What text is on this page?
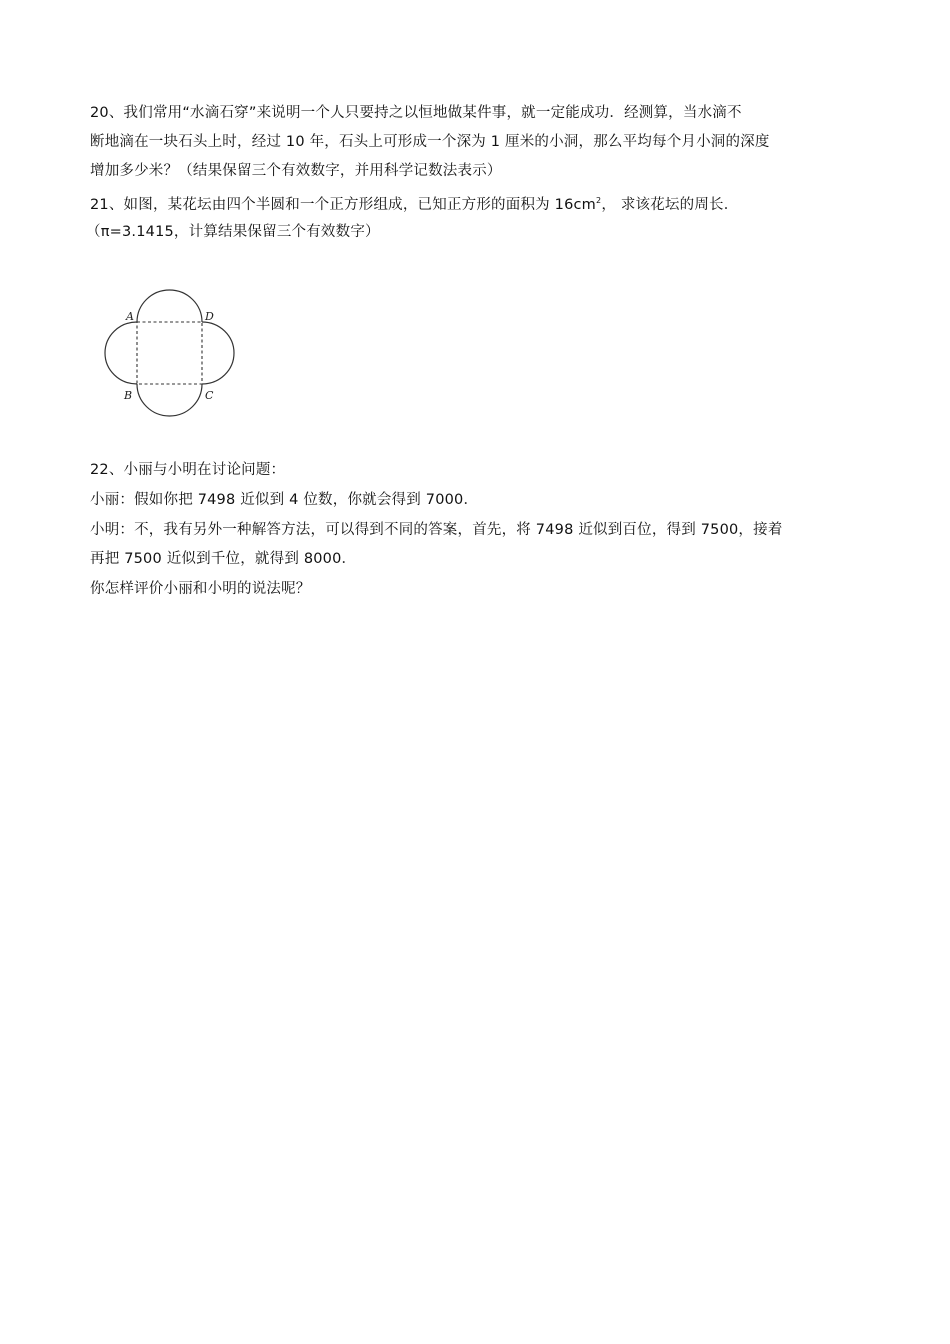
20、我们常用“水滴石穿”来说明一个人只要持之以恒地做某件事，就一定能成功．经测算，当水滴不
断地滴在一块石头上时，经过 10 年，石头上可形成一个深为 1 厘米的小洞，那么平均每个月小洞的深度
增加多少米？（结果保留三个有效数字，并用科学记数法表示）
21、如图，某花坛由四个半圆和一个正方形组成，已知正方形的面积为 $16cm^2$， 求该花坛的周长．
（π=3.1415，计算结果保留三个有效数字）
A	D
B	C
22、小丽与小明在讨论问题：
小丽：假如你把 7498 近似到 4 位数，你就会得到 7000．
小明：不，我有另外一种解答方法，可以得到不同的答案，首先，将 7498 近似到百位，得到 7500，接着
再把 7500 近似到千位，就得到 8000．
你怎样评价小丽和小明的说法呢？
